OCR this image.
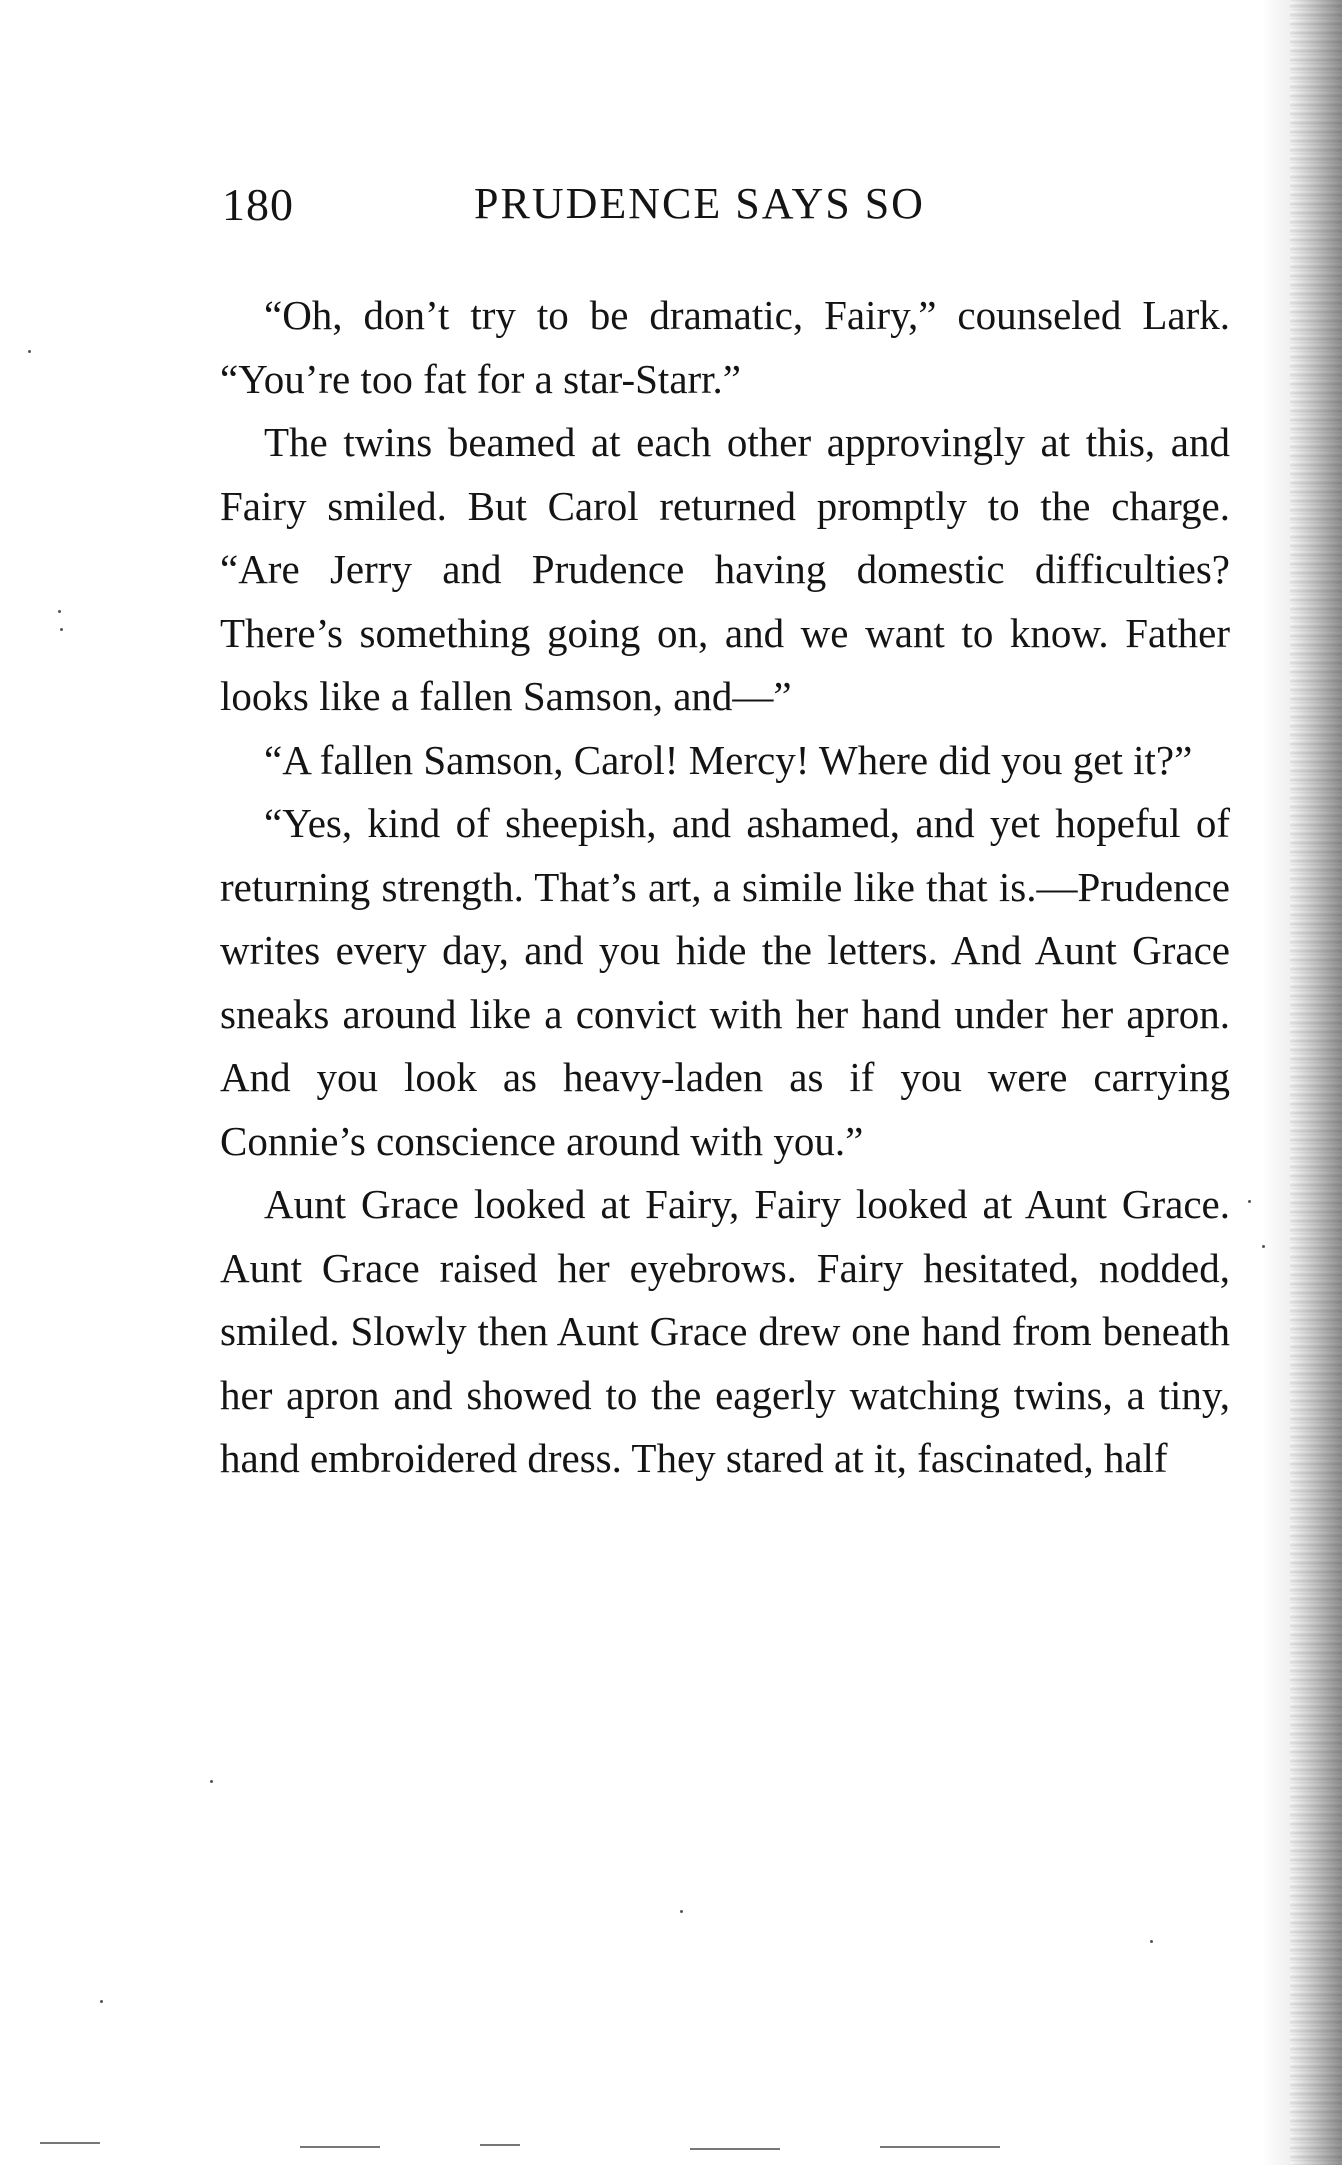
180	PRUDENCE SAYS SO

“Oh, don’t try to be dramatic, Fairy,” counseled Lark. “You’re too fat for a star-Starr.”

The twins beamed at each other approvingly at this, and Fairy smiled. But Carol returned promptly to the charge. “Are Jerry and Prudence having domestic difficulties? There’s something going on, and we want to know. Father looks like a fallen Samson, and—”

“A fallen Samson, Carol! Mercy! Where did you get it?”

“Yes, kind of sheepish, and ashamed, and yet hopeful of returning strength. That’s art, a simile like that is.—Prudence writes every day, and you hide the letters. And Aunt Grace sneaks around like a convict with her hand under her apron. And you look as heavy-laden as if you were carrying Connie’s conscience around with you.”

Aunt Grace looked at Fairy, Fairy looked at Aunt Grace. Aunt Grace raised her eyebrows. Fairy hesitated, nodded, smiled. Slowly then Aunt Grace drew one hand from beneath her apron and showed to the eagerly watching twins, a tiny, hand embroidered dress. They stared at it, fascinated, half
